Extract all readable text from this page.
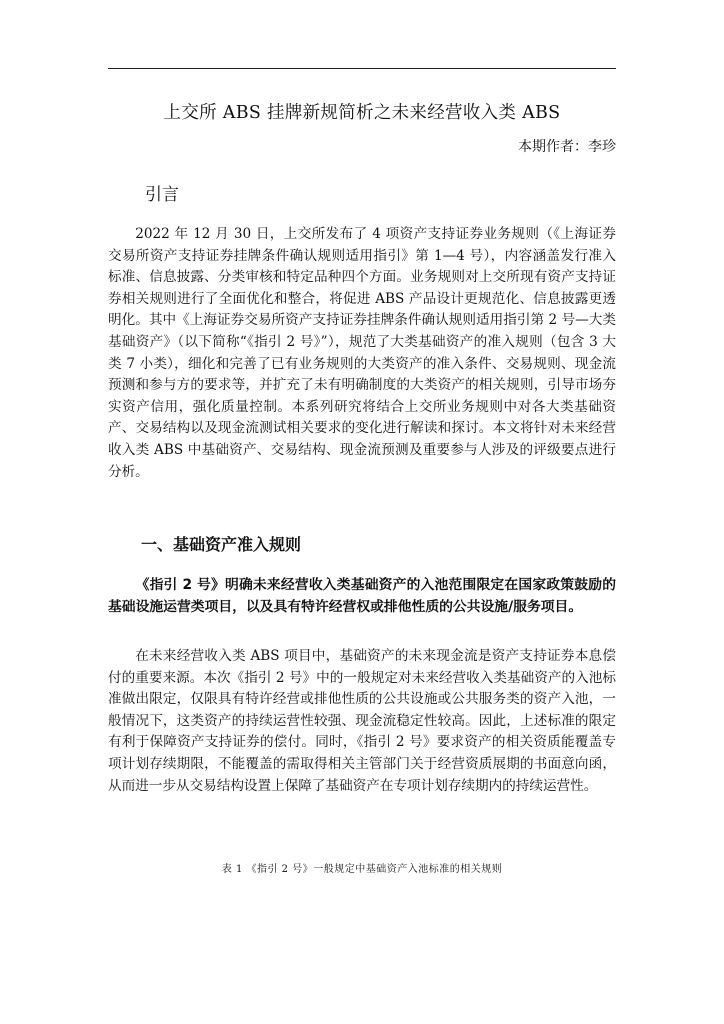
上交所 ABS 挂牌新规简析之未来经营收入类 ABS
本期作者：李珍
引言

2022 年 12 月 30 日，上交所发布了 4 项资产支持证券业务规则（《上海证券交易所资产支持证券挂牌条件确认规则适用指引》第 1—4 号），内容涵盖发行准入标准、信息披露、分类审核和特定品种四个方面。业务规则对上交所现有资产支持证券相关规则进行了全面优化和整合，将促进 ABS 产品设计更规范化、信息披露更透明化。其中《上海证券交易所资产支持证券挂牌条件确认规则适用指引第 2 号—大类基础资产》（以下简称“《指引 2 号》”），规范了大类基础资产的准入规则（包含 3 大类 7 小类），细化和完善了已有业务规则的大类资产的准入条件、交易规则、现金流预测和参与方的要求等，并扩充了未有明确制度的大类资产的相关规则，引导市场夯实资产信用，强化质量控制。本系列研究将结合上交所业务规则中对各大类基础资产、交易结构以及现金流测试相关要求的变化进行解读和探讨。本文将针对未来经营收入类 ABS 中基础资产、交易结构、现金流预测及重要参与人涉及的评级要点进行分析。

一、基础资产准入规则

《指引 2 号》明确未来经营收入类基础资产的入池范围限定在国家政策鼓励的基础设施运营类项目，以及具有特许经营权或排他性质的公共设施/服务项目。

在未来经营收入类 ABS 项目中，基础资产的未来现金流是资产支持证券本息偿付的重要来源。本次《指引 2 号》中的一般规定对未来经营收入类基础资产的入池标准做出限定，仅限具有特许经营或排他性质的公共设施或公共服务类的资产入池，一般情况下，这类资产的持续运营性较强、现金流稳定性较高。因此，上述标准的限定有利于保障资产支持证券的偿付。同时，《指引 2 号》要求资产的相关资质能覆盖专项计划存续期限，不能覆盖的需取得相关主管部门关于经营资质展期的书面意向函，从而进一步从交易结构设置上保障了基础资产在专项计划存续期内的持续运营性。

表 1 《指引 2 号》一般规定中基础资产入池标准的相关规则
